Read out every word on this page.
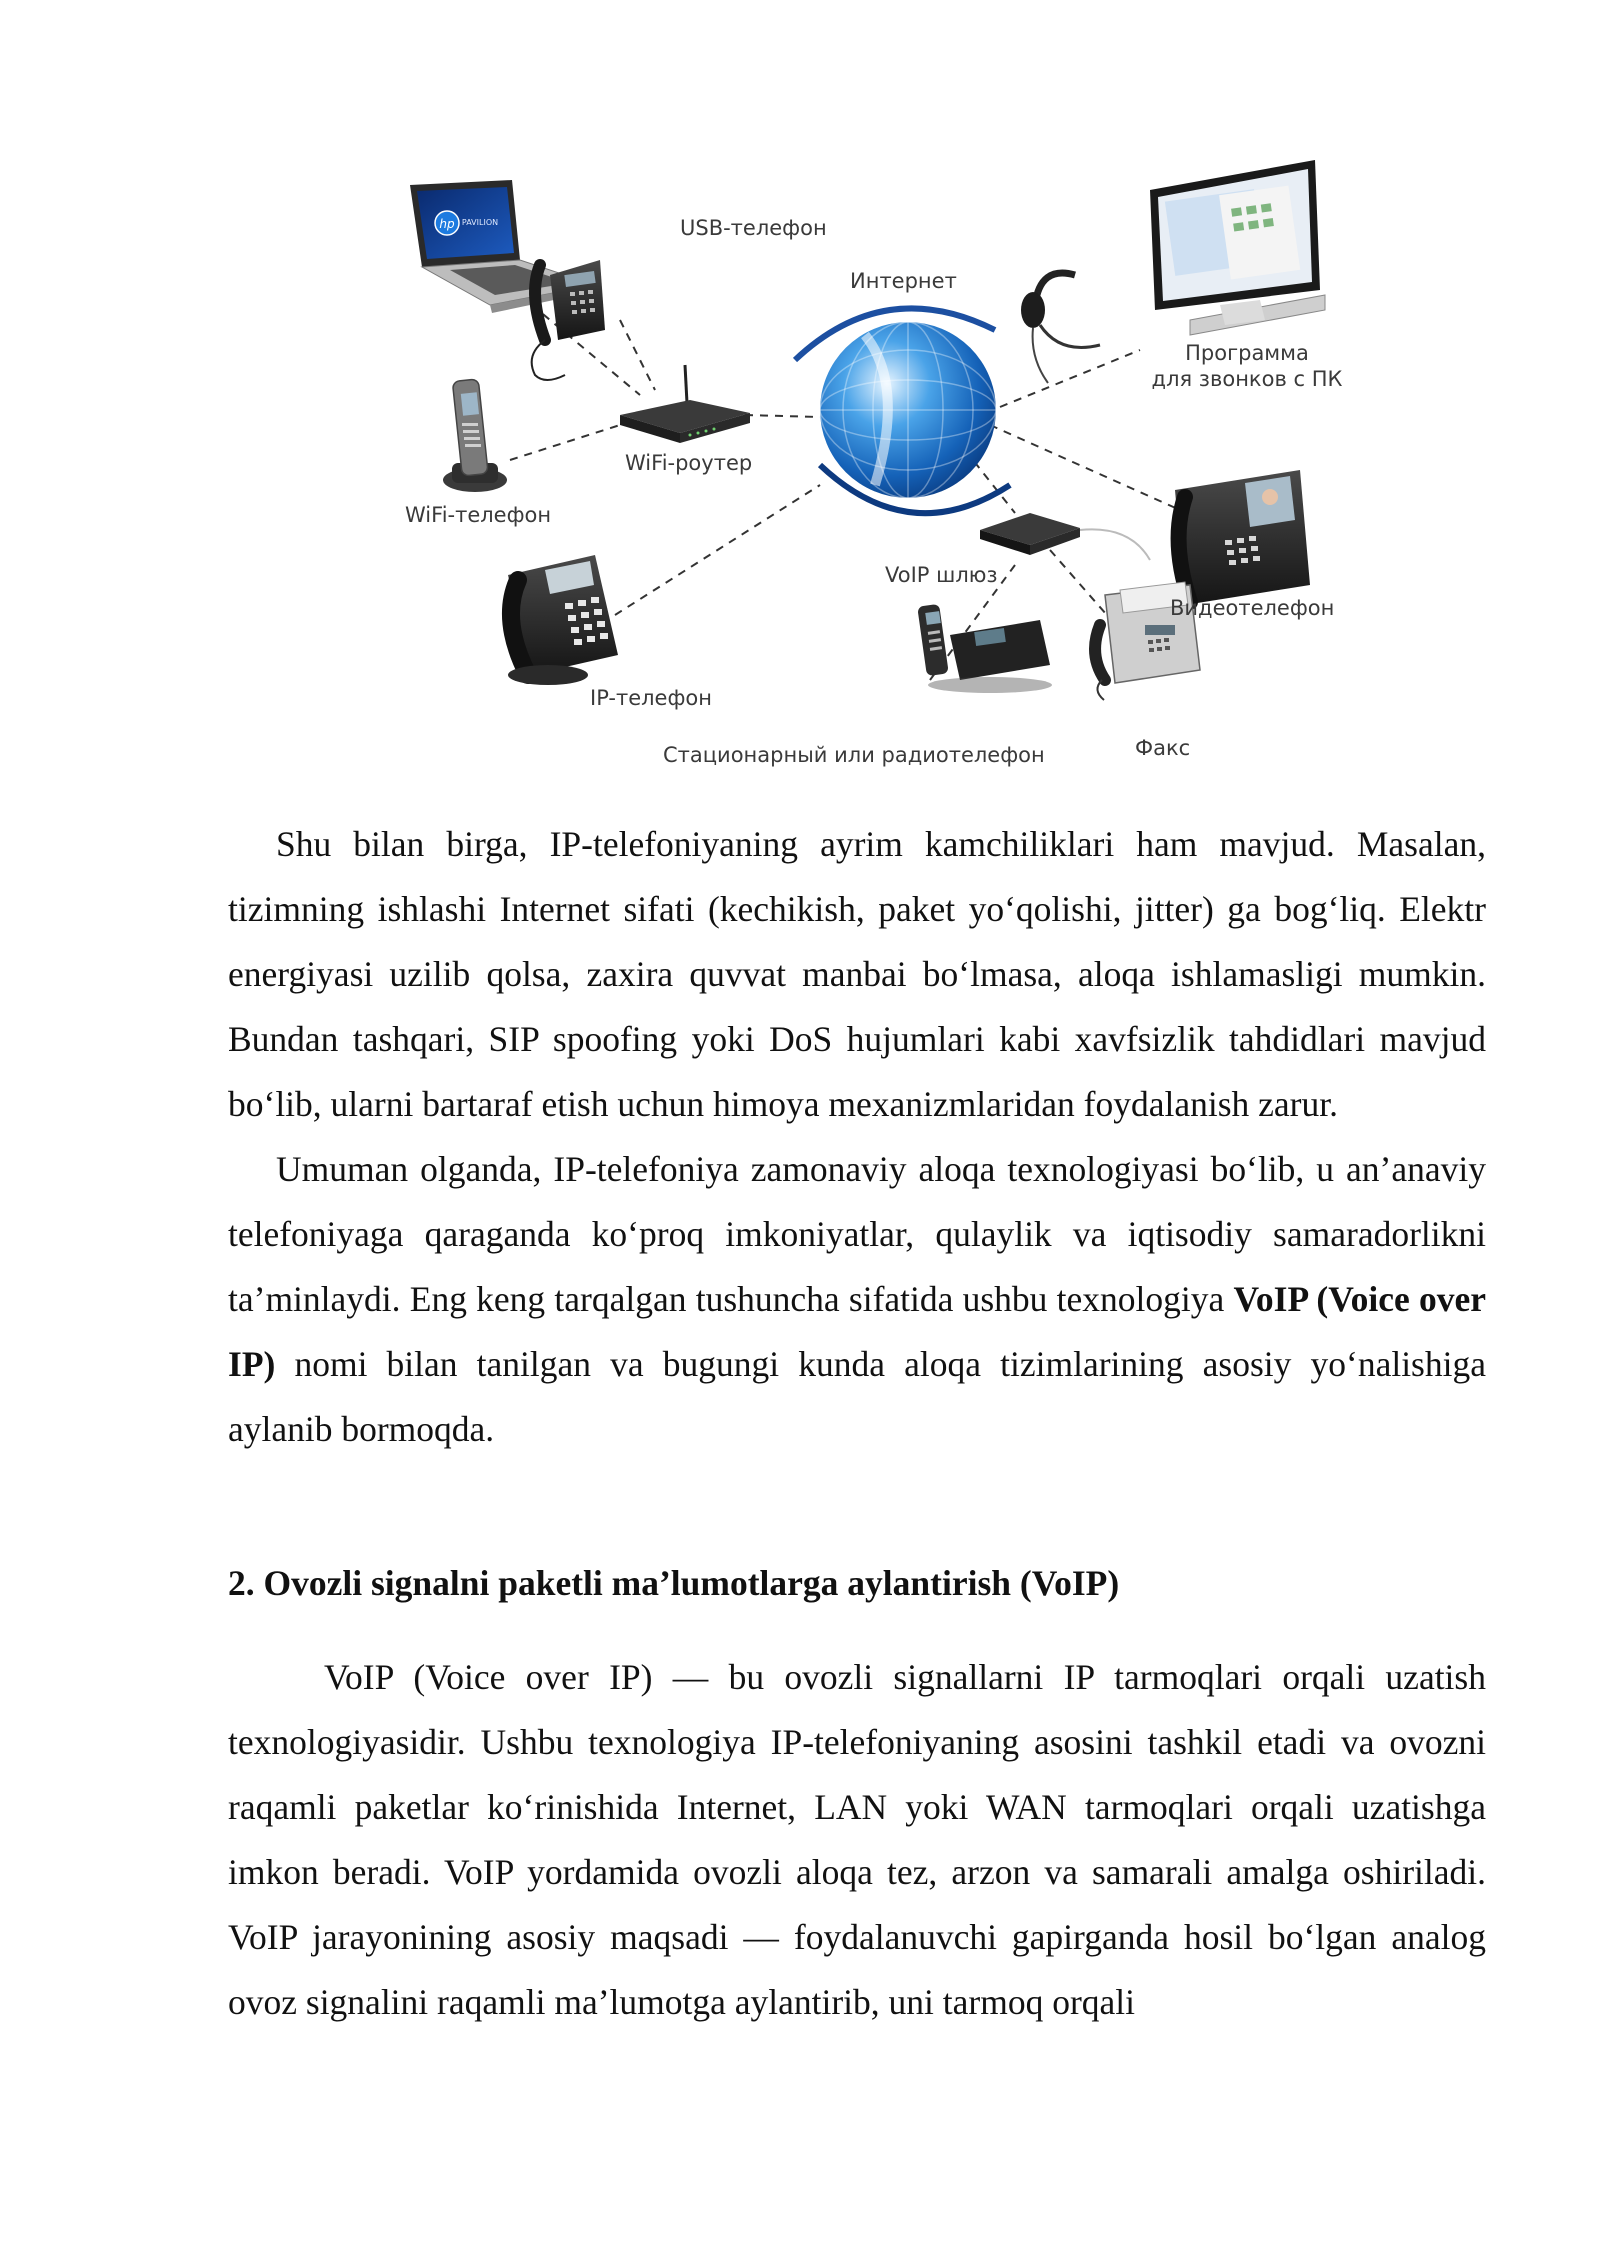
hp PAVILION	USB-телефон
Интернет
Программа
для звонков с ПК
WiFi-роутер
WiFi-телефон
VoIP шлюз
Видеотелефон
IP-телефон
Стационарный или радиотелефон	Факс

Shu bilan birga, IP-telefoniyaning ayrim kamchiliklari ham mavjud. Masalan, tizimning ishlashi Internet sifati (kechikish, paket yo‘qolishi, jitter) ga bog‘liq. Elektr energiyasi uzilib qolsa, zaxira quvvat manbai bo‘lmasa, aloqa ishlamasligi mumkin. Bundan tashqari, SIP spoofing yoki DoS hujumlari kabi xavfsizlik tahdidlari mavjud bo‘lib, ularni bartaraf etish uchun himoya mexanizmlaridan foydalanish zarur.

Umuman olganda, IP-telefoniya zamonaviy aloqa texnologiyasi bo‘lib, u an’anaviy telefoniyaga qaraganda ko‘proq imkoniyatlar, qulaylik va iqtisodiy samaradorlikni ta’minlaydi. Eng keng tarqalgan tushuncha sifatida ushbu texnologiya VoIP (Voice over IP) nomi bilan tanilgan va bugungi kunda aloqa tizimlarining asosiy yo‘nalishiga aylanib bormoqda.

2. Ovozli signalni paketli ma’lumotlarga aylantirish (VoIP)

VoIP (Voice over IP) — bu ovozli signallarni IP tarmoqlari orqali uzatish texnologiyasidir. Ushbu texnologiya IP-telefoniyaning asosini tashkil etadi va ovozni raqamli paketlar ko‘rinishida Internet, LAN yoki WAN tarmoqlari orqali uzatishga imkon beradi. VoIP yordamida ovozli aloqa tez, arzon va samarali amalga oshiriladi. VoIP jarayonining asosiy maqsadi — foydalanuvchi gapirganda hosil bo‘lgan analog ovoz signalini raqamli ma’lumotga aylantirib, uni tarmoq orqali
